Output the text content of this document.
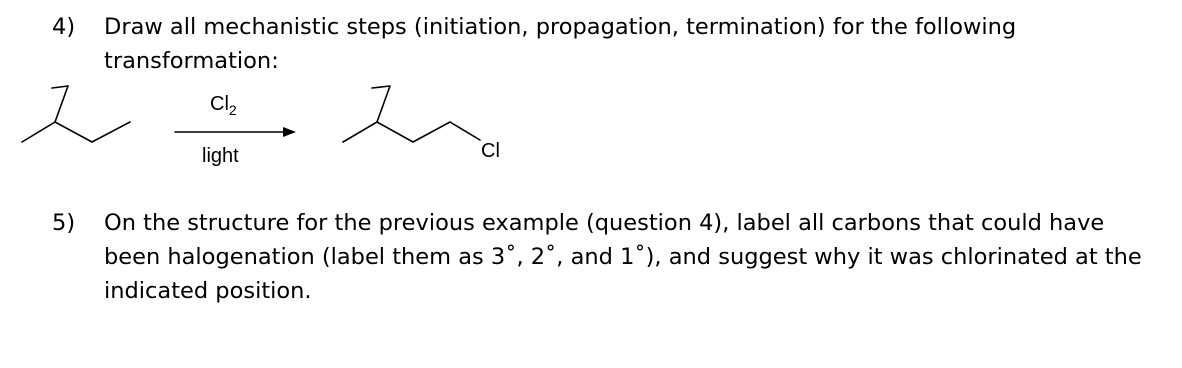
4)	Draw all mechanistic steps (initiation, propagation, termination) for the following transformation:
$Cl_2$
light	Cl
5)	On the structure for the previous example (question 4), label all carbons that could have been halogenation (label them as 3˚, 2˚, and 1˚), and suggest why it was chlorinated at the indicated position.
